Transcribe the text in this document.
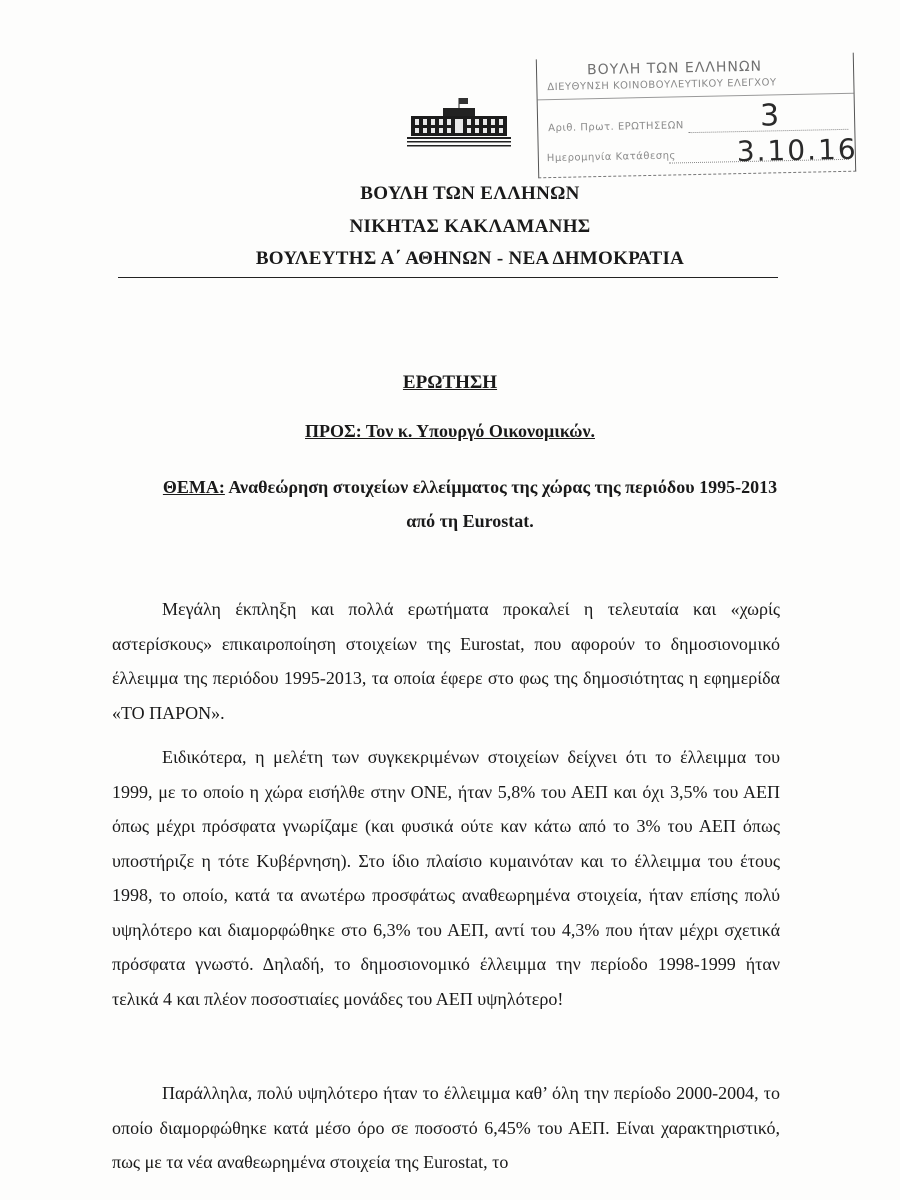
ΒΟΥΛΗ ΤΩΝ ΕΛΛΗΝΩΝ
ΔΙΕΥΘΥΝΣΗ ΚΟΙΝΟΒΟΥΛΕΥΤΙΚΟΥ ΕΛΕΓΧΟΥ
Αριθ. Πρωτ. ΕΡΩΤΗΣΕΩΝ	3
Ημερομηνία Κατάθεσης 3.10.16
ΒΟΥΛΗ ΤΩΝ ΕΛΛΗΝΩΝ
ΝΙΚΗΤΑΣ ΚΑΚΛΑΜΑΝΗΣ
ΒΟΥΛΕΥΤΗΣ Α΄ ΑΘΗΝΩΝ - ΝΕΑ ΔΗΜΟΚΡΑΤΙΑ
ΕΡΩΤΗΣΗ
ΠΡΟΣ: Τον κ. Υπουργό Οικονομικών.
ΘΕΜΑ: Αναθεώρηση στοιχείων ελλείμματος της χώρας της περιόδου 1995-2013 από τη Eurostat.

Μεγάλη έκπληξη και πολλά ερωτήματα προκαλεί η τελευταία και «χωρίς αστερίσκους» επικαιροποίηση στοιχείων της Eurostat, που αφορούν το δημοσιονομικό έλλειμμα της περιόδου 1995-2013, τα οποία έφερε στο φως της δημοσιότητας η εφημερίδα «ΤΟ ΠΑΡΟΝ».

Ειδικότερα, η μελέτη των συγκεκριμένων στοιχείων δείχνει ότι το έλλειμμα του 1999, με το οποίο η χώρα εισήλθε στην ΟΝΕ, ήταν 5,8% του ΑΕΠ και όχι 3,5% του ΑΕΠ όπως μέχρι πρόσφατα γνωρίζαμε (και φυσικά ούτε καν κάτω από το 3% του ΑΕΠ όπως υποστήριζε η τότε Κυβέρνηση). Στο ίδιο πλαίσιο κυμαινόταν και το έλλειμμα του έτους 1998, το οποίο, κατά τα ανωτέρω προσφάτως αναθεωρημένα στοιχεία, ήταν επίσης πολύ υψηλότερο και διαμορφώθηκε στο 6,3% του ΑΕΠ, αντί του 4,3% που ήταν μέχρι σχετικά πρόσφατα γνωστό. Δηλαδή, το δημοσιονομικό έλλειμμα την περίοδο 1998-1999 ήταν τελικά 4 και πλέον ποσοστιαίες μονάδες του ΑΕΠ υψηλότερο!

Παράλληλα, πολύ υψηλότερο ήταν το έλλειμμα καθ’ όλη την περίοδο 2000-2004, το οποίο διαμορφώθηκε κατά μέσο όρο σε ποσοστό 6,45% του ΑΕΠ. Είναι χαρακτηριστικό, πως με τα νέα αναθεωρημένα στοιχεία της Eurostat, το
